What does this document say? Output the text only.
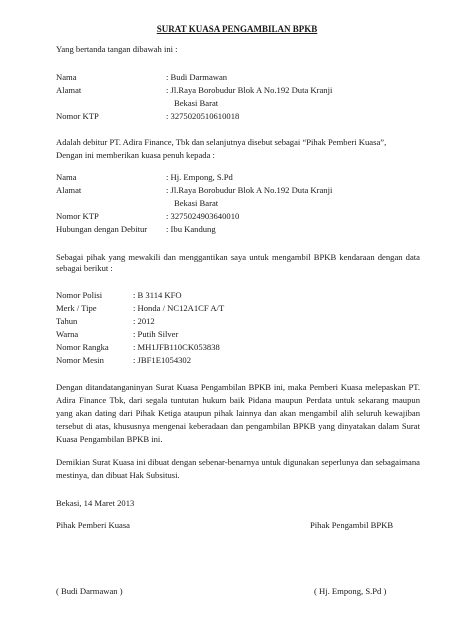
SURAT KUASA PENGAMBILAN BPKB
Yang bertanda tangan dibawah ini :
Nama	: Budi Darmawan
Alamat	: Jl.Raya Borobudur Blok A No.192 Duta Kranji
Bekasi Barat
Nomor KTP	: 3275020510610018
Adalah debitur PT. Adira Finance, Tbk dan selanjutnya disebut sebagai “Pihak Pemberi Kuasa”,
Dengan ini memberikan kuasa penuh kepada :
Nama	: Hj. Empong, S.Pd
Alamat	: Jl.Raya Borobudur Blok A No.192 Duta Kranji
Bekasi Barat
Nomor KTP	: 3275024903640010
Hubungan dengan Debitur : Ibu Kandung
Sebagai pihak yang mewakili dan menggantikan saya untuk mengambil BPKB kendaraan dengan data sebagai berikut :
Nomor Polisi	: B 3114 KFO
Merk / Tipe	: Honda / NC12A1CF A/T
Tahun	: 2012
Warna	: Putih Silver
Nomor Rangka	: MH1JFB110CK053838
Nomor Mesin	: JBF1E1054302
Dengan ditandatanganinyan Surat Kuasa Pengambilan BPKB ini, maka Pemberi Kuasa melepaskan PT. Adira Finance Tbk, dari segala tuntutan hukum baik Pidana maupun Perdata untuk sekarang maupun yang akan dating dari Pihak Ketiga ataupun pihak lainnya dan akan mengambil alih seluruh kewajiban tersebut di atas, khususnya mengenai keberadaan dan pengambilan BPKB yang dinyatakan dalam Surat Kuasa Pengambilan BPKB ini.
Demikian Surat Kuasa ini dibuat dengan sebenar-benarnya untuk digunakan seperlunya dan sebagaimana mestinya, dan dibuat Hak Subsitusi.
Bekasi, 14 Maret 2013
Pihak Pemberi Kuasa	Pihak Pengambil BPKB
( Budi Darmawan )	( Hj. Empong, S.Pd )
